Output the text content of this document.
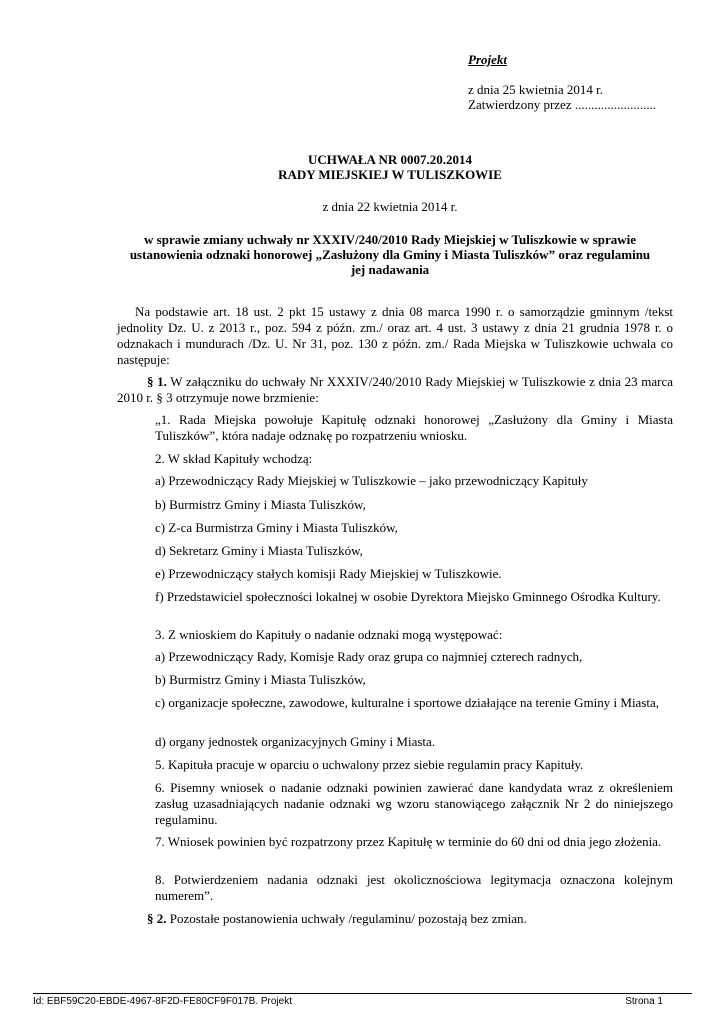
Projekt
z dnia 25 kwietnia 2014 r.
Zatwierdzony przez .........................
UCHWAŁA NR 0007.20.2014
RADY MIEJSKIEJ W TULISZKOWIE
z dnia 22 kwietnia 2014 r.
w sprawie zmiany uchwały nr XXXIV/240/2010 Rady Miejskiej w Tuliszkowie w sprawie
ustanowienia odznaki honorowej „Zasłużony dla Gminy i Miasta Tuliszków” oraz regulaminu
jej nadawania

Na podstawie art. 18 ust. 2 pkt 15 ustawy z dnia 08 marca 1990 r. o samorządzie gminnym /tekst jednolity Dz. U. z 2013 r., poz. 594 z późn. zm./ oraz art. 4 ust. 3 ustawy z dnia 21 grudnia 1978 r. o odznakach i mundurach /Dz. U. Nr 31, poz. 130 z późn. zm./ Rada Miejska w Tuliszkowie uchwala co następuje:

§ 1. W załączniku do uchwały Nr XXXIV/240/2010 Rady Miejskiej w Tuliszkowie z dnia 23 marca 2010 r. § 3 otrzymuje nowe brzmienie:

„1. Rada Miejska powołuje Kapitułę odznaki honorowej „Zasłużony dla Gminy i Miasta Tuliszków”, która nadaje odznakę po rozpatrzeniu wniosku.

2. W skład Kapituły wchodzą:

a) Przewodniczący Rady Miejskiej w Tuliszkowie – jako przewodniczący Kapituły

b) Burmistrz Gminy i Miasta Tuliszków,

c) Z-ca Burmistrza Gminy i Miasta Tuliszków,

d) Sekretarz Gminy i Miasta Tuliszków,

e) Przewodniczący stałych komisji Rady Miejskiej w Tuliszkowie.

f) Przedstawiciel społeczności lokalnej w osobie Dyrektora Miejsko Gminnego Ośrodka Kultury.

3. Z wnioskiem do Kapituły o nadanie odznaki mogą występować:

a) Przewodniczący Rady, Komisje Rady oraz grupa co najmniej czterech radnych,

b) Burmistrz Gminy i Miasta Tuliszków,

c) organizacje społeczne, zawodowe, kulturalne i sportowe działające na terenie Gminy i Miasta,

d) organy jednostek organizacyjnych Gminy i Miasta.

5. Kapituła pracuje w oparciu o uchwalony przez siebie regulamin pracy Kapituły.

6. Pisemny wniosek o nadanie odznaki powinien zawierać dane kandydata wraz z określeniem zasług uzasadniających nadanie odznaki wg wzoru stanowiącego załącznik Nr 2 do niniejszego regulaminu.

7. Wniosek powinien być rozpatrzony przez Kapitułę w terminie do 60 dni od dnia jego złożenia.

8. Potwierdzeniem nadania odznaki jest okolicznościowa legitymacja oznaczona kolejnym numerem”.

§ 2. Pozostałe postanowienia uchwały /regulaminu/ pozostają bez zmian.

Id: EBF59C20-EBDE-4967-8F2D-FE80CF9F017B. Projekt	Strona 1
